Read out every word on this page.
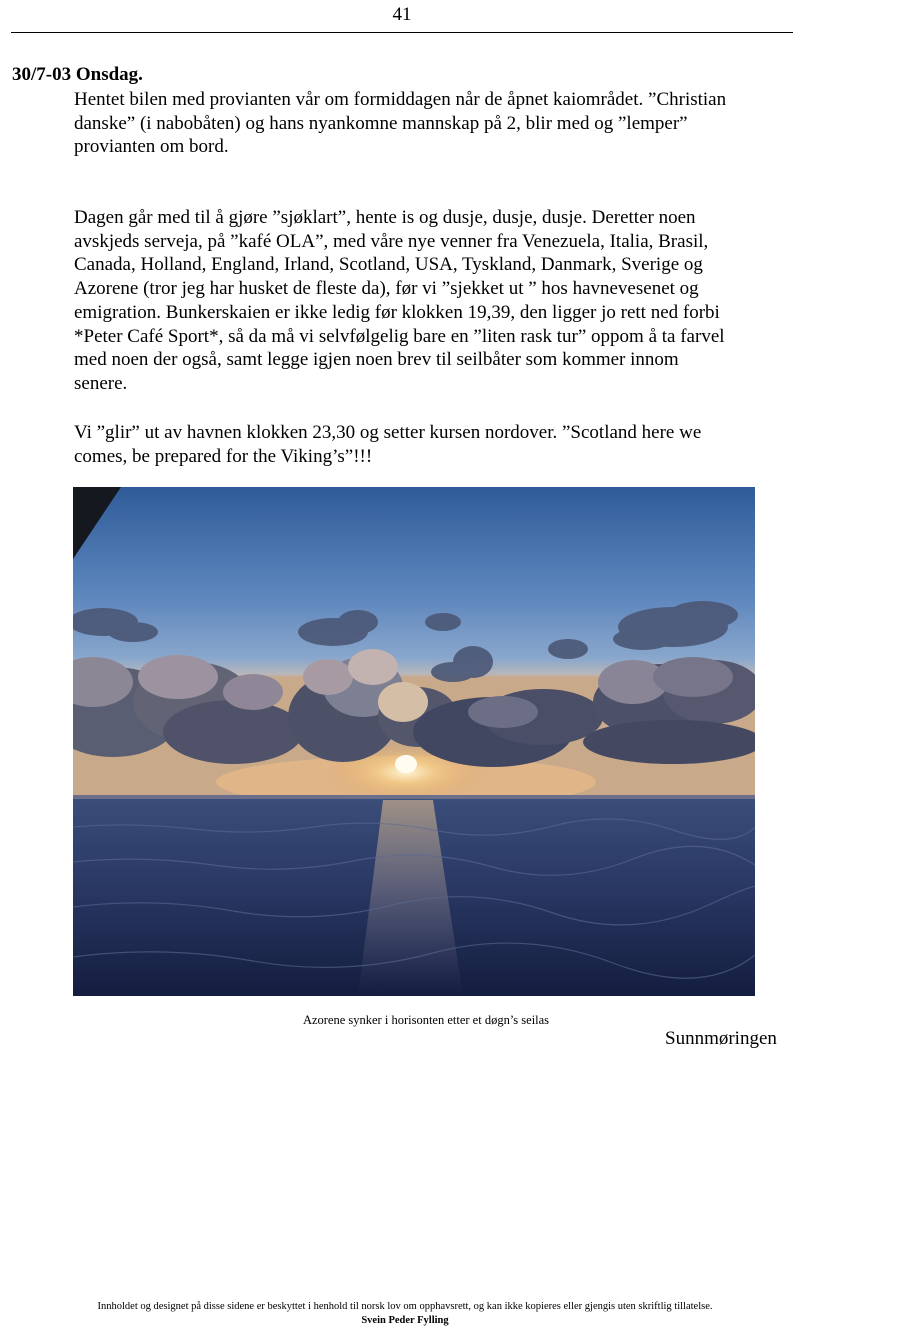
41
30/7-03 Onsdag.

Hentet bilen med provianten vår om formiddagen når de åpnet kaiområdet. ”Christian
danske” (i nabobåten) og hans nyankomne mannskap på 2, blir med og ”lemper”
provianten om bord.

Dagen går med til å gjøre ”sjøklart”, hente is og dusje, dusje, dusje. Deretter noen
avskjeds serveja, på ”kafé OLA”, med våre nye venner fra Venezuela, Italia, Brasil,
Canada, Holland, England, Irland, Scotland, USA, Tyskland, Danmark, Sverige og
Azorene (tror jeg har husket de fleste da), før vi ”sjekket ut ” hos havnevesenet og
emigration. Bunkerskaien er ikke ledig før klokken 19,39, den ligger jo rett ned forbi
*Peter Café Sport*, så da må vi selvfølgelig bare en ”liten rask tur” oppom å ta farvel
med noen der også, samt legge igjen noen brev til seilbåter som kommer innom
senere.

Vi ”glir” ut av havnen klokken 23,30 og setter kursen nordover. ”Scotland here we
comes, be prepared for the Viking’s”!!!

Azorene synker i horisonten etter et døgn’s seilas
Sunnmøringen
Innholdet og designet på disse sidene er beskyttet i henhold til norsk lov om opphavsrett, og kan ikke kopieres eller gjengis uten skriftlig tillatelse.
Svein Peder Fylling
